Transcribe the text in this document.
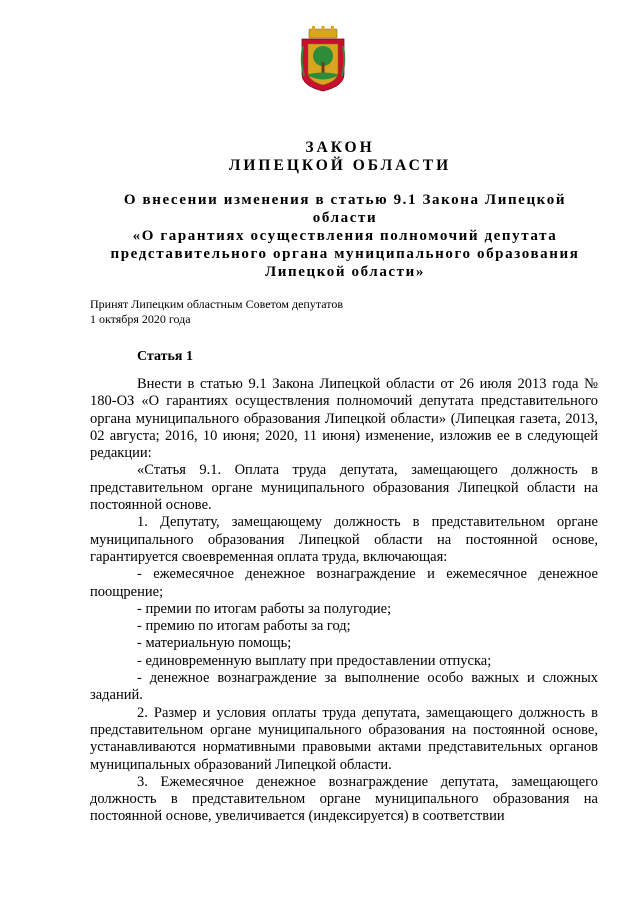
ЗАКОН
ЛИПЕЦКОЙ ОБЛАСТИ
О внесении изменения в статью 9.1 Закона Липецкой области
«О гарантиях осуществления полномочий депутата представительного органа муниципального образования Липецкой области»
Принят Липецким областным Советом депутатов
1 октября 2020 года
Статья 1

Внести в статью 9.1 Закона Липецкой области от 26 июля 2013 года № 180-ОЗ «О гарантиях осуществления полномочий депутата представительного органа муниципального образования Липецкой области» (Липецкая газета, 2013, 02 августа; 2016, 10 июня; 2020, 11 июня) изменение, изложив ее в следующей редакции:

«Статья 9.1. Оплата труда депутата, замещающего должность в представительном органе муниципального образования Липецкой области на постоянной основе.

1. Депутату, замещающему должность в представительном органе муниципального образования Липецкой области на постоянной основе, гарантируется своевременная оплата труда, включающая:

- ежемесячное денежное вознаграждение и ежемесячное денежное поощрение;

- премии по итогам работы за полугодие;

- премию по итогам работы за год;

- материальную помощь;

- единовременную выплату при предоставлении отпуска;

- денежное вознаграждение за выполнение особо важных и сложных заданий.

2. Размер и условия оплаты труда депутата, замещающего должность в представительном органе муниципального образования на постоянной основе, устанавливаются нормативными правовыми актами представительных органов муниципальных образований Липецкой области.

3. Ежемесячное денежное вознаграждение депутата, замещающего должность в представительном органе муниципального образования на постоянной основе, увеличивается (индексируется) в соответствии
